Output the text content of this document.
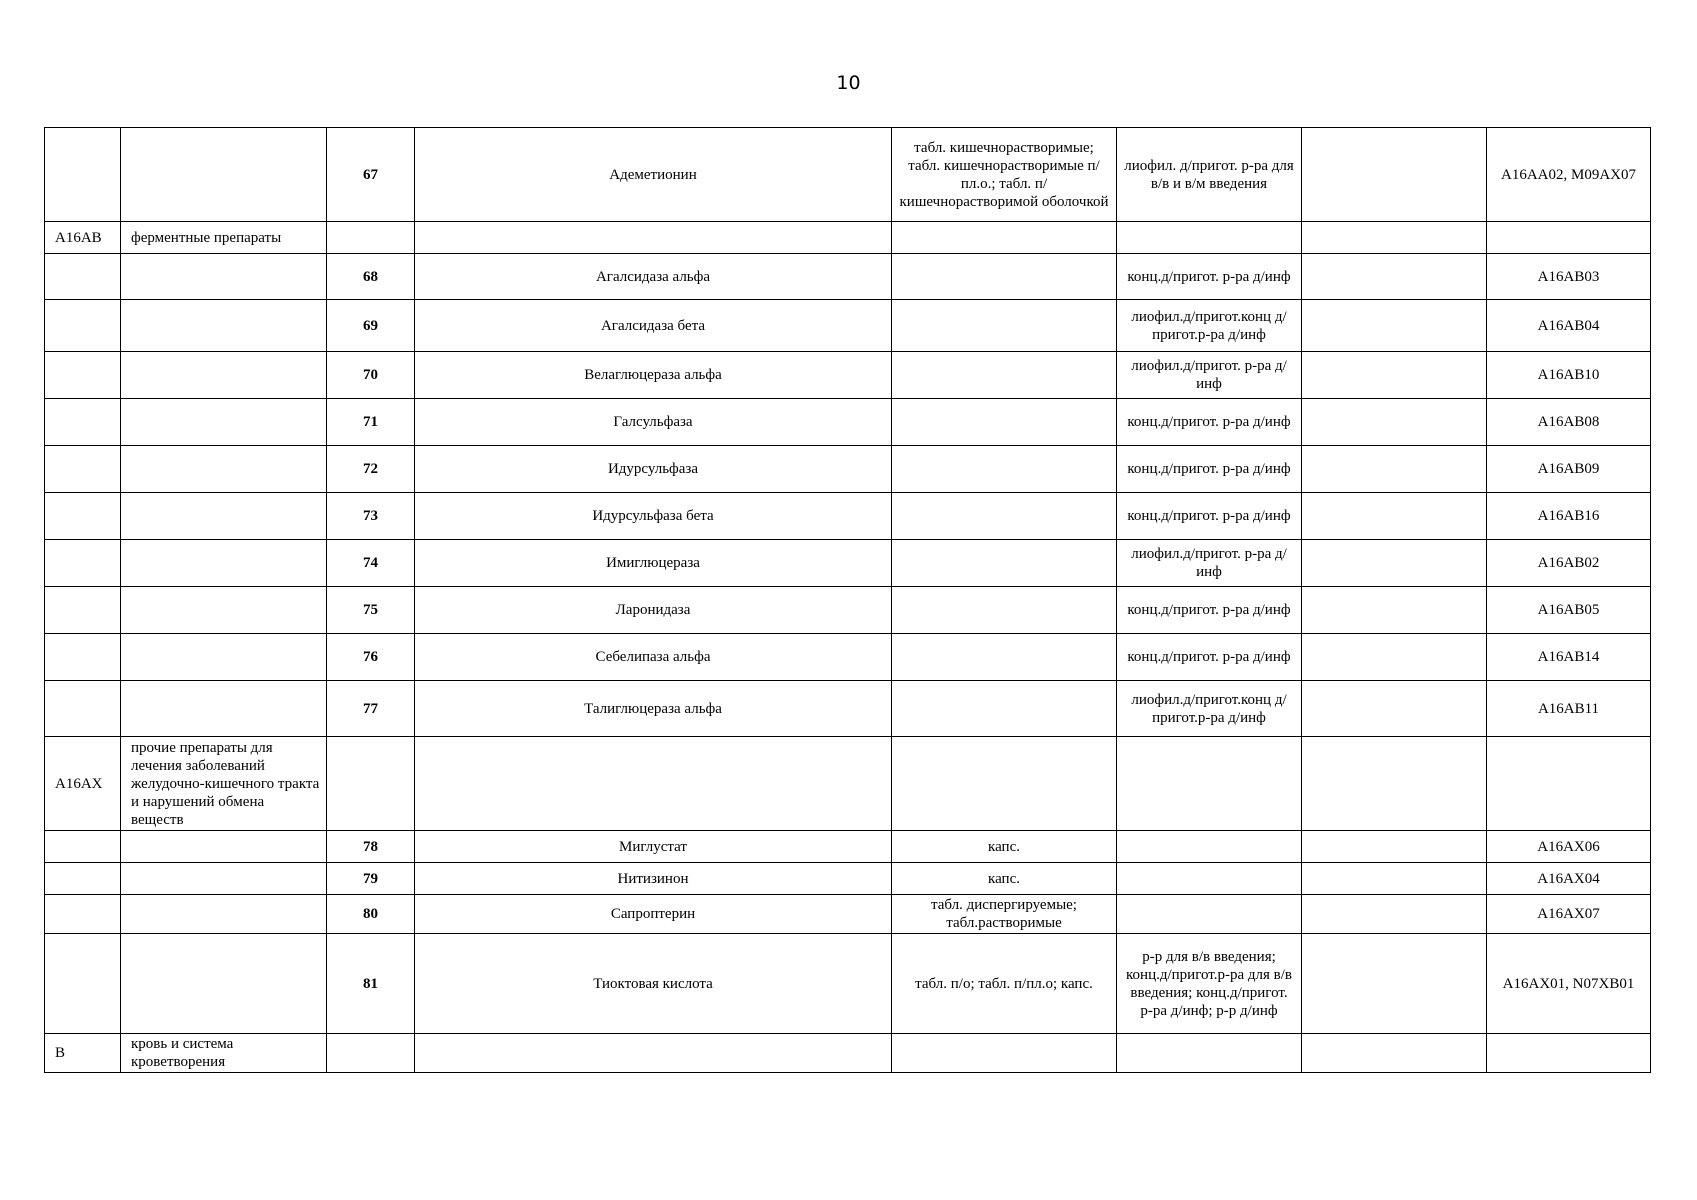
10
		67	Адеметионин	табл. кишечнорастворимые; табл. кишечнорастворимые п/пл.о.; табл. п/кишечнорастворимой оболочкой	лиофил. д/пригот. р-ра для в/в и в/м введения		A16AA02, M09AX07
A16AB	ферментные препараты						
		68	Агалсидаза альфа		конц.д/пригот. р-ра д/инф		A16AB03
		69	Агалсидаза бета		лиофил.д/пригот.конц д/пригот.р-ра д/инф		A16AB04
		70	Велаглюцераза альфа		лиофил.д/пригот. р-ра д/инф		A16AB10
		71	Галсульфаза		конц.д/пригот. р-ра д/инф		A16AB08
		72	Идурсульфаза		конц.д/пригот. р-ра д/инф		A16AB09
		73	Идурсульфаза бета		конц.д/пригот. р-ра д/инф		A16AB16
		74	Имиглюцераза		лиофил.д/пригот. р-ра д/инф		A16AB02
		75	Ларонидаза		конц.д/пригот. р-ра д/инф		A16AB05
		76	Себелипаза альфа		конц.д/пригот. р-ра д/инф		A16AB14
		77	Талиглюцераза альфа		лиофил.д/пригот.конц д/пригот.р-ра д/инф		A16AB11
A16AX	прочие препараты для лечения заболеваний желудочно-кишечного тракта и нарушений обмена веществ						
		78	Миглустат	капс.			A16AX06
		79	Нитизинон	капс.			A16AX04
		80	Сапроптерин	табл. диспергируемые; табл.растворимые			A16AX07
		81	Тиоктовая кислота	табл. п/о; табл. п/пл.о; капс.	р-р для в/в введения; конц.д/пригот.р-ра для в/в введения; конц.д/пригот. р-ра д/инф; р-р д/инф		A16AX01, N07XB01
B	кровь и система кроветворения						
